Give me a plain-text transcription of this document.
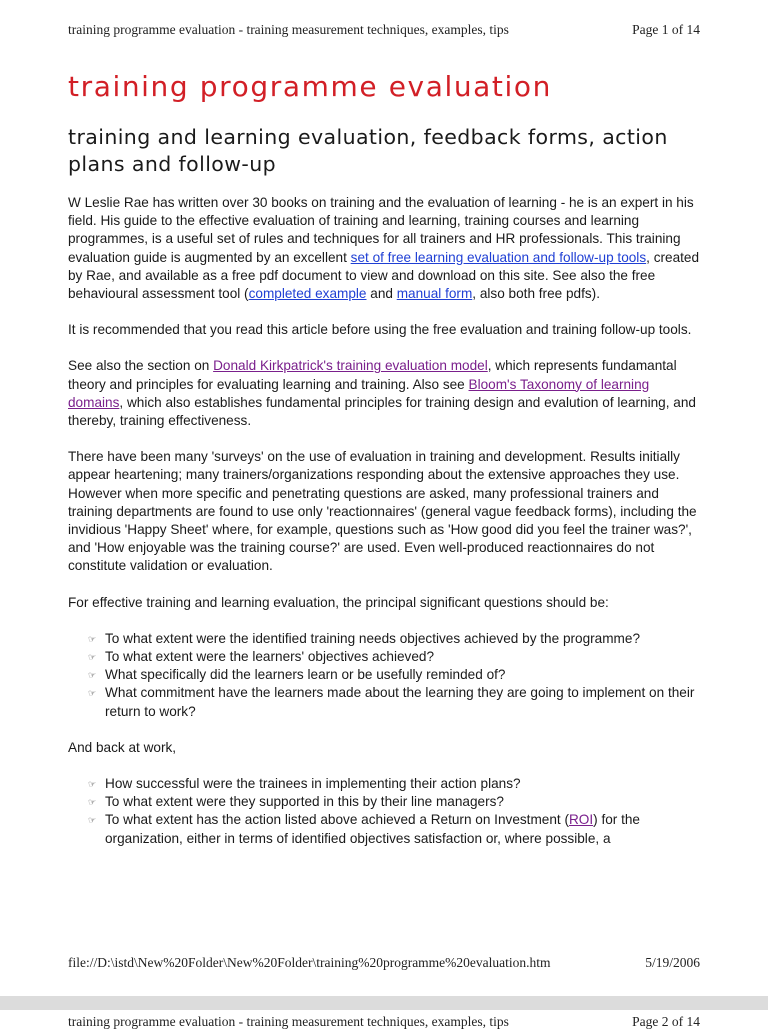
training programme evaluation - training measurement techniques, examples, tips	Page 1 of 14
training programme evaluation
training and learning evaluation, feedback forms, action plans and follow-up

W Leslie Rae has written over 30 books on training and the evaluation of learning - he is an expert in his field. His guide to the effective evaluation of training and learning, training courses and learning programmes, is a useful set of rules and techniques for all trainers and HR professionals. This training evaluation guide is augmented by an excellent set of free learning evaluation and follow-up tools, created by Rae, and available as a free pdf document to view and download on this site. See also the free behavioural assessment tool (completed example and manual form, also both free pdfs).

It is recommended that you read this article before using the free evaluation and training follow-up tools.

See also the section on Donald Kirkpatrick's training evaluation model, which represents fundamantal theory and principles for evaluating learning and training. Also see Bloom's Taxonomy of learning domains, which also establishes fundamental principles for training design and evalution of learning, and thereby, training effectiveness.

There have been many 'surveys' on the use of evaluation in training and development. Results initially appear heartening; many trainers/organizations responding about the extensive approaches they use. However when more specific and penetrating questions are asked, many professional trainers and training departments are found to use only 'reactionnaires' (general vague feedback forms), including the invidious 'Happy Sheet' where, for example, questions such as 'How good did you feel the trainer was?', and 'How enjoyable was the training course?' are used. Even well-produced reactionnaires do not constitute validation or evaluation.

For effective training and learning evaluation, the principal significant questions should be:

☞ To what extent were the identified training needs objectives achieved by the programme?
☞ To what extent were the learners' objectives achieved?
☞ What specifically did the learners learn or be usefully reminded of?
☞ What commitment have the learners made about the learning they are going to implement on their return to work?

And back at work,

☞ How successful were the trainees in implementing their action plans?
☞ To what extent were they supported in this by their line managers?
☞ To what extent has the action listed above achieved a Return on Investment (ROI) for the organization, either in terms of identified objectives satisfaction or, where possible, a
file://D:\istd\New%20Folder\New%20Folder\training%20programme%20evaluation.htm	5/19/2006
training programme evaluation - training measurement techniques, examples, tips	Page 2 of 14
